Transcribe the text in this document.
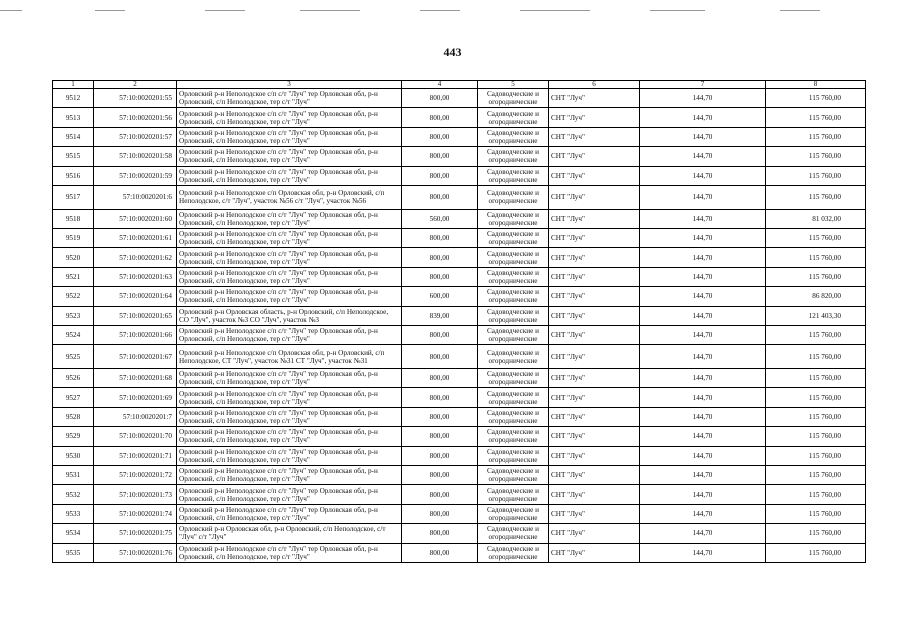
443
1	2	3	4	5	6	7	8
9512	57:10:0020201:55	Орловский р-н Неполодское с/п с/т "Луч" тер Орловская обл, р-н Орловский, с/п Неполодское, тер с/т "Луч"	800,00	Садоводческие и огороднические	СНТ "Луч"	144,70	115 760,00
9513	57:10:0020201:56	Орловский р-н Неполодское с/п с/т "Луч" тер Орловская обл, р-н Орловский, с/п Неполодское, тер с/т "Луч"	800,00	Садоводческие и огороднические	СНТ "Луч"	144,70	115 760,00
9514	57:10:0020201:57	Орловский р-н Неполодское с/п с/т "Луч" тер Орловская обл, р-н Орловский, с/п Неполодское, тер с/т "Луч"	800,00	Садоводческие и огороднические	СНТ "Луч"	144,70	115 760,00
9515	57:10:0020201:58	Орловский р-н Неполодское с/п с/т "Луч" тер Орловская обл, р-н Орловский, с/п Неполодское, тер с/т "Луч"	800,00	Садоводческие и огороднические	СНТ "Луч"	144,70	115 760,00
9516	57:10:0020201:59	Орловский р-н Неполодское с/п с/т "Луч" тер Орловская обл, р-н Орловский, с/п Неполодское, тер с/т "Луч"	800,00	Садоводческие и огороднические	СНТ "Луч"	144,70	115 760,00
9517	57:10:0020201:6	Орловский р-н Неполодское с/п Орловская обл, р-н Орловский, с/п Неполодское, с/т "Луч", участок №56 с/т "Луч", участок №56	800,00	Садоводческие и огороднические	СНТ "Луч"	144,70	115 760,00
9518	57:10:0020201:60	Орловский р-н Неполодское с/п с/т "Луч" тер Орловская обл, р-н Орловский, с/п Неполодское, тер с/т "Луч"	560,00	Садоводческие и огороднические	СНТ "Луч"	144,70	81 032,00
9519	57:10:0020201:61	Орловский р-н Неполодское с/п с/т "Луч" тер Орловская обл, р-н Орловский, с/п Неполодское, тер с/т "Луч"	800,00	Садоводческие и огороднические	СНТ "Луч"	144,70	115 760,00
9520	57:10:0020201:62	Орловский р-н Неполодское с/п с/т "Луч" тер Орловская обл, р-н Орловский, с/п Неполодское, тер с/т "Луч"	800,00	Садоводческие и огороднические	СНТ "Луч"	144,70	115 760,00
9521	57:10:0020201:63	Орловский р-н Неполодское с/п с/т "Луч" тер Орловская обл, р-н Орловский, с/п Неполодское, тер с/т "Луч"	800,00	Садоводческие и огороднические	СНТ "Луч"	144,70	115 760,00
9522	57:10:0020201:64	Орловский р-н Неполодское с/п с/т "Луч" тер Орловская обл, р-н Орловский, с/п Неполодское, тер с/т "Луч"	600,00	Садоводческие и огороднические	СНТ "Луч"	144,70	86 820,00
9523	57:10:0020201:65	Орловский р-н Орловская область, р-н Орловский, с/п Неполодское, СО "Луч", участок №3 СО "Луч", участок №3	839,00	Садоводческие и огороднические	СНТ "Луч"	144,70	121 403,30
9524	57:10:0020201:66	Орловский р-н Неполодское с/п с/т "Луч" тер Орловская обл, р-н Орловский, с/п Неполодское, тер с/т "Луч"	800,00	Садоводческие и огороднические	СНТ "Луч"	144,70	115 760,00
9525	57:10:0020201:67	Орловский р-н Неполодское с/п Орловская обл, р-н Орловский, с/п Неполодское, СТ "Луч", участок №31 СТ "Луч", участок №31	800,00	Садоводческие и огороднические	СНТ "Луч"	144,70	115 760,00
9526	57:10:0020201:68	Орловский р-н Неполодское с/п с/т "Луч" тер Орловская обл, р-н Орловский, с/п Неполодское, тер с/т "Луч"	800,00	Садоводческие и огороднические	СНТ "Луч"	144,70	115 760,00
9527	57:10:0020201:69	Орловский р-н Неполодское с/п с/т "Луч" тер Орловская обл, р-н Орловский, с/п Неполодское, тер с/т "Луч"	800,00	Садоводческие и огороднические	СНТ "Луч"	144,70	115 760,00
9528	57:10:0020201:7	Орловский р-н Неполодское с/п с/т "Луч" тер Орловская обл, р-н Орловский, с/п Неполодское, тер с/т "Луч"	800,00	Садоводческие и огороднические	СНТ "Луч"	144,70	115 760,00
9529	57:10:0020201:70	Орловский р-н Неполодское с/п с/т "Луч" тер Орловская обл, р-н Орловский, с/п Неполодское, тер с/т "Луч"	800,00	Садоводческие и огороднические	СНТ "Луч"	144,70	115 760,00
9530	57:10:0020201:71	Орловский р-н Неполодское с/п с/т "Луч" тер Орловская обл, р-н Орловский, с/п Неполодское, тер с/т "Луч"	800,00	Садоводческие и огороднические	СНТ "Луч"	144,70	115 760,00
9531	57:10:0020201:72	Орловский р-н Неполодское с/п с/т "Луч" тер Орловская обл, р-н Орловский, с/п Неполодское, тер с/т "Луч"	800,00	Садоводческие и огороднические	СНТ "Луч"	144,70	115 760,00
9532	57:10:0020201:73	Орловский р-н Неполодское с/п с/т "Луч" тер Орловская обл, р-н Орловский, с/п Неполодское, тер с/т "Луч"	800,00	Садоводческие и огороднические	СНТ "Луч"	144,70	115 760,00
9533	57:10:0020201:74	Орловский р-н Неполодское с/п с/т "Луч" тер Орловская обл, р-н Орловский, с/п Неполодское, тер с/т "Луч"	800,00	Садоводческие и огороднические	СНТ "Луч"	144,70	115 760,00
9534	57:10:0020201:75	Орловский р-н Орловская обл, р-н Орловский, с/п Неполодское, с/т "Луч" с/т "Луч"	800,00	Садоводческие и огороднические	СНТ "Луч"	144,70	115 760,00
9535	57:10:0020201:76	Орловский р-н Неполодское с/п с/т "Луч" тер Орловская обл, р-н Орловский, с/п Неполодское, тер с/т "Луч"	800,00	Садоводческие и огороднические	СНТ "Луч"	144,70	115 760,00
